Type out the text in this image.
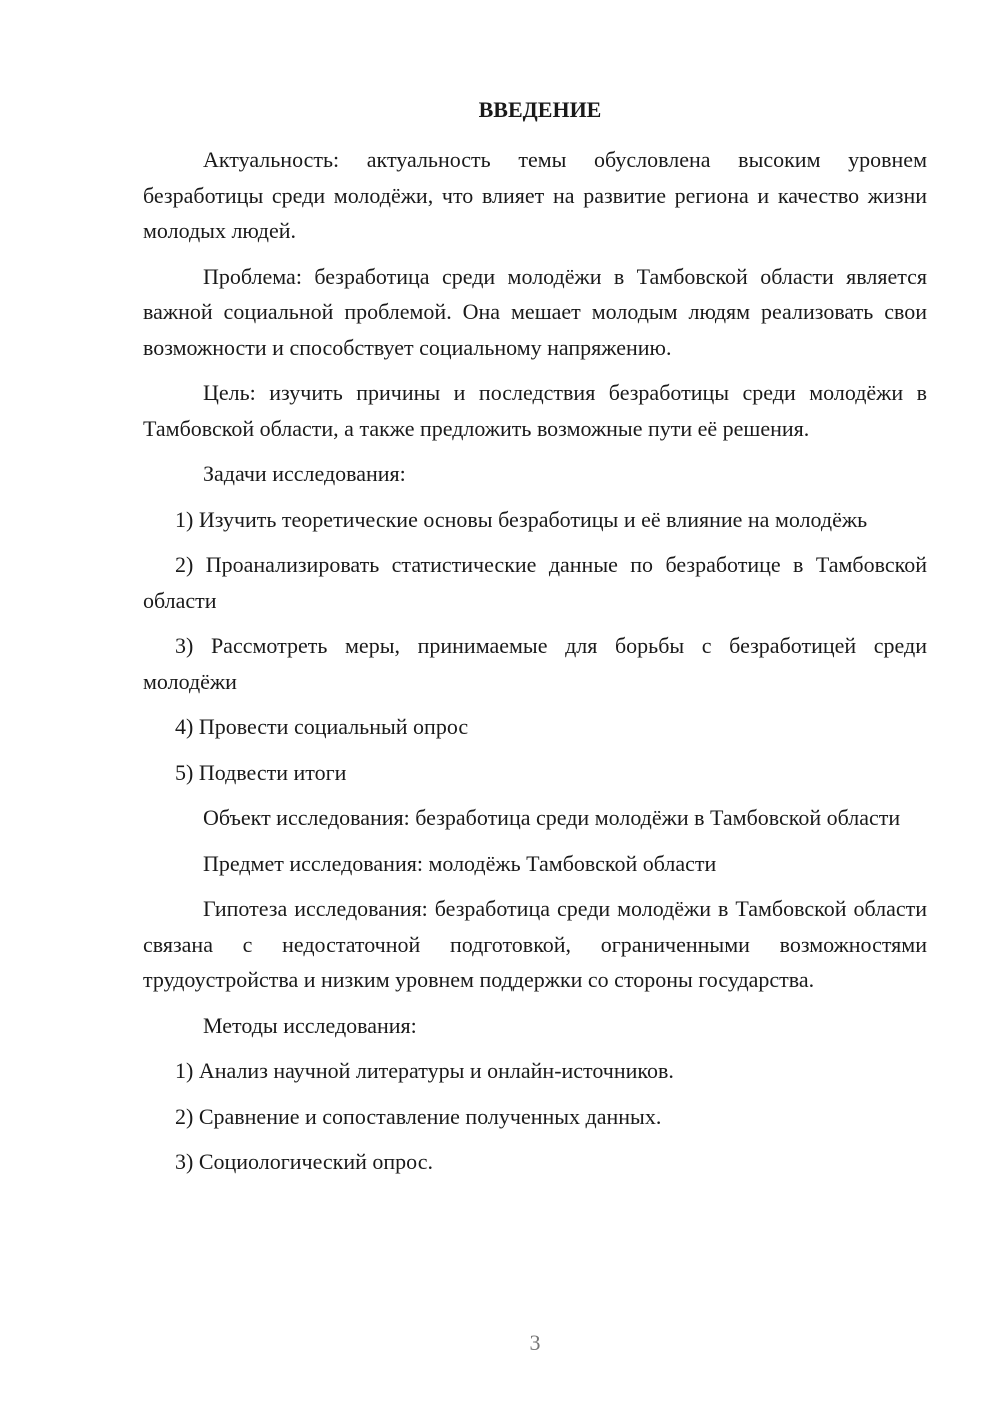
ВВЕДЕНИЕ

Актуальность: актуальность темы обусловлена высоким уровнем безработицы среди молодёжи, что влияет на развитие региона и качество жизни молодых людей.

Проблема: безработица среди молодёжи в Тамбовской области является важной социальной проблемой. Она мешает молодым людям реализовать свои возможности и способствует социальному напряжению.

Цель: изучить причины и последствия безработицы среди молодёжи в Тамбовской области, а также предложить возможные пути её решения.

Задачи исследования:

1) Изучить теоретические основы безработицы и её влияние на молодёжь

2) Проанализировать статистические данные по безработице в Тамбовской области

3) Рассмотреть меры, принимаемые для борьбы с безработицей среди молодёжи

4) Провести социальный опрос

5) Подвести итоги

Объект исследования: безработица среди молодёжи в Тамбовской области

Предмет исследования: молодёжь Тамбовской области

Гипотеза исследования: безработица среди молодёжи в Тамбовской области связана с недостаточной подготовкой, ограниченными возможностями трудоустройства и низким уровнем поддержки со стороны государства.

Методы исследования:

1) Анализ научной литературы и онлайн-источников.

2) Сравнение и сопоставление полученных данных.

3) Социологический опрос.

3
